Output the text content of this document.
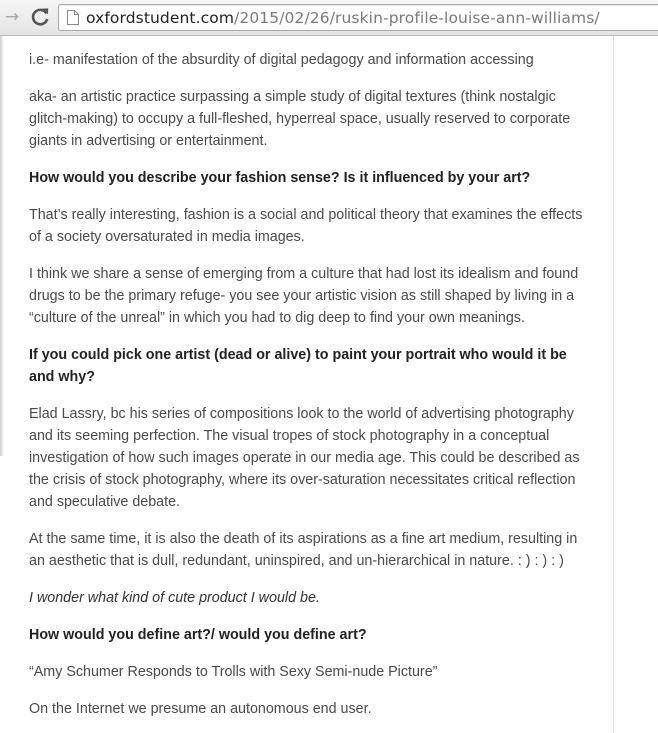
→	oxfordstudent.com/2015/02/26/ruskin-profile-louise-ann-williams/

i.e- manifestation of the absurdity of digital pedagogy and information accessing

aka- an artistic practice surpassing a simple study of digital textures (think nostalgic glitch-making) to occupy a full-fleshed, hyperreal space, usually reserved to corporate giants in advertising or entertainment.

How would you describe your fashion sense? Is it influenced by your art?

That’s really interesting, fashion is a social and political theory that examines the effects of a society oversaturated in media images.

I think we share a sense of emerging from a culture that had lost its idealism and found drugs to be the primary refuge- you see your artistic vision as still shaped by living in a “culture of the unreal” in which you had to dig deep to find your own meanings.

If you could pick one artist (dead or alive) to paint your portrait who would it be and why?

Elad Lassry, bc his series of compositions look to the world of advertising photography and its seeming perfection. The visual tropes of stock photography in a conceptual investigation of how such images operate in our media age. This could be described as the crisis of stock photography, where its over-saturation necessitates critical reflection and speculative debate.

At the same time, it is also the death of its aspirations as a fine art medium, resulting in an aesthetic that is dull, redundant, uninspired, and un-hierarchical in nature. : ) : ) : )

I wonder what kind of cute product I would be.

How would you define art?/ would you define art?

“Amy Schumer Responds to Trolls with Sexy Semi-nude Picture”

On the Internet we presume an autonomous end user.
